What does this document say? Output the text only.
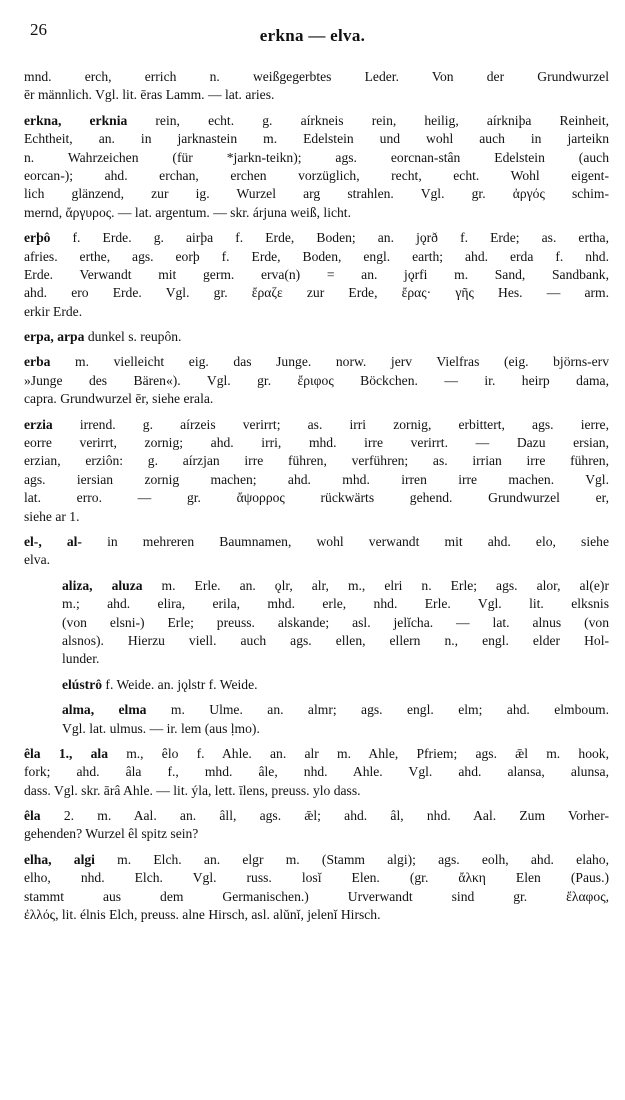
26	erkna — elva.
mnd. erch, errich n. weißgegerbtes Leder. Von der Grundwurzel
ēr männlich. Vgl. lit. ēras Lamm. — lat. aries.
erkna, erknia rein, echt. g. aírkneis rein, heilig, aírkniþa Reinheit,
Echtheit, an. in jarknastein m. Edelstein und wohl auch in jarteikn
n. Wahrzeichen (für *jarkn-teikn); ags. eorcnan-stân Edelstein (auch
eorcan-); ahd. erchan, erchen vorzüglich, recht, echt. Wohl eigent-
lich glänzend, zur ig. Wurzel arg strahlen. Vgl. gr. ἀργός schim-
mernd, ἄργυρος. — lat. argentum. — skr. árjuna weiß, licht.
erþô f. Erde. g. airþa f. Erde, Boden; an. jǫrð f. Erde; as. ertha,
afries. erthe, ags. eorþ f. Erde, Boden, engl. earth; ahd. erda f. nhd.
Erde. Verwandt mit germ. erva(n) = an. jǫrfi m. Sand, Sandbank,
ahd. ero Erde. Vgl. gr. ἔραζε zur Erde, ἔρας· γῆς Hes. — arm.
erkir Erde.
erpa, arpa dunkel s. reupôn.
erba m. vielleicht eig. das Junge. norw. jerv Vielfras (eig. björns-erv
»Junge des Bären«). Vgl. gr. ἔριφος Böckchen. — ir. heirp dama,
capra. Grundwurzel ēr, siehe erala.
erzia irrend. g. aírzeis verirrt; as. irri zornig, erbittert, ags. ierre,
eorre verirrt, zornig; ahd. irri, mhd. irre verirrt. — Dazu ersian,
erzian, erziôn: g. aírzjan irre führen, verführen; as. irrian irre führen,
ags. iersian zornig machen; ahd. mhd. irren irre machen. Vgl.
lat. erro. — gr. ἄψορρος rückwärts gehend. Grundwurzel er,
siehe ar 1.
el-, al- in mehreren Baumnamen, wohl verwandt mit ahd. elo, siehe
elva.
aliza, aluza m. Erle. an. ǫlr, alr, m., elri n. Erle; ags. alor, al(e)r
m.; ahd. elira, erila, mhd. erle, nhd. Erle. Vgl. lit. elksnis
(von elsni-) Erle; preuss. alskande; asl. jelĭcha. — lat. alnus (von
alsnos). Hierzu viell. auch ags. ellen, ellern n., engl. elder Hol-
lunder.
elústrô f. Weide. an. jǫlstr f. Weide.
alma, elma m. Ulme. an. almr; ags. engl. elm; ahd. elmboum.
Vgl. lat. ulmus. — ir. lem (aus ḷmo).
êla 1., ala m., êlo f. Ahle. an. alr m. Ahle, Pfriem; ags. ǣl m. hook,
fork; ahd. âla f., mhd. âle, nhd. Ahle. Vgl. ahd. alansa, alunsa,
dass. Vgl. skr. ārâ Ahle. — lit. ýla, lett. īlens, preuss. ylo dass.
êla 2. m. Aal. an. âll, ags. ǣl; ahd. âl, nhd. Aal. Zum Vorher-
gehenden? Wurzel êl spitz sein?
elha, algi m. Elch. an. elgr m. (Stamm algi); ags. eolh, ahd. elaho,
elho, nhd. Elch. Vgl. russ. losĭ Elen. (gr. ἄλκη Elen (Paus.)
stammt aus dem Germanischen.) Urverwandt sind gr. ἔλαφος,
ἐλλός, lit. élnis Elch, preuss. alne Hirsch, asl. alŭnĭ, jelenĭ Hirsch.
